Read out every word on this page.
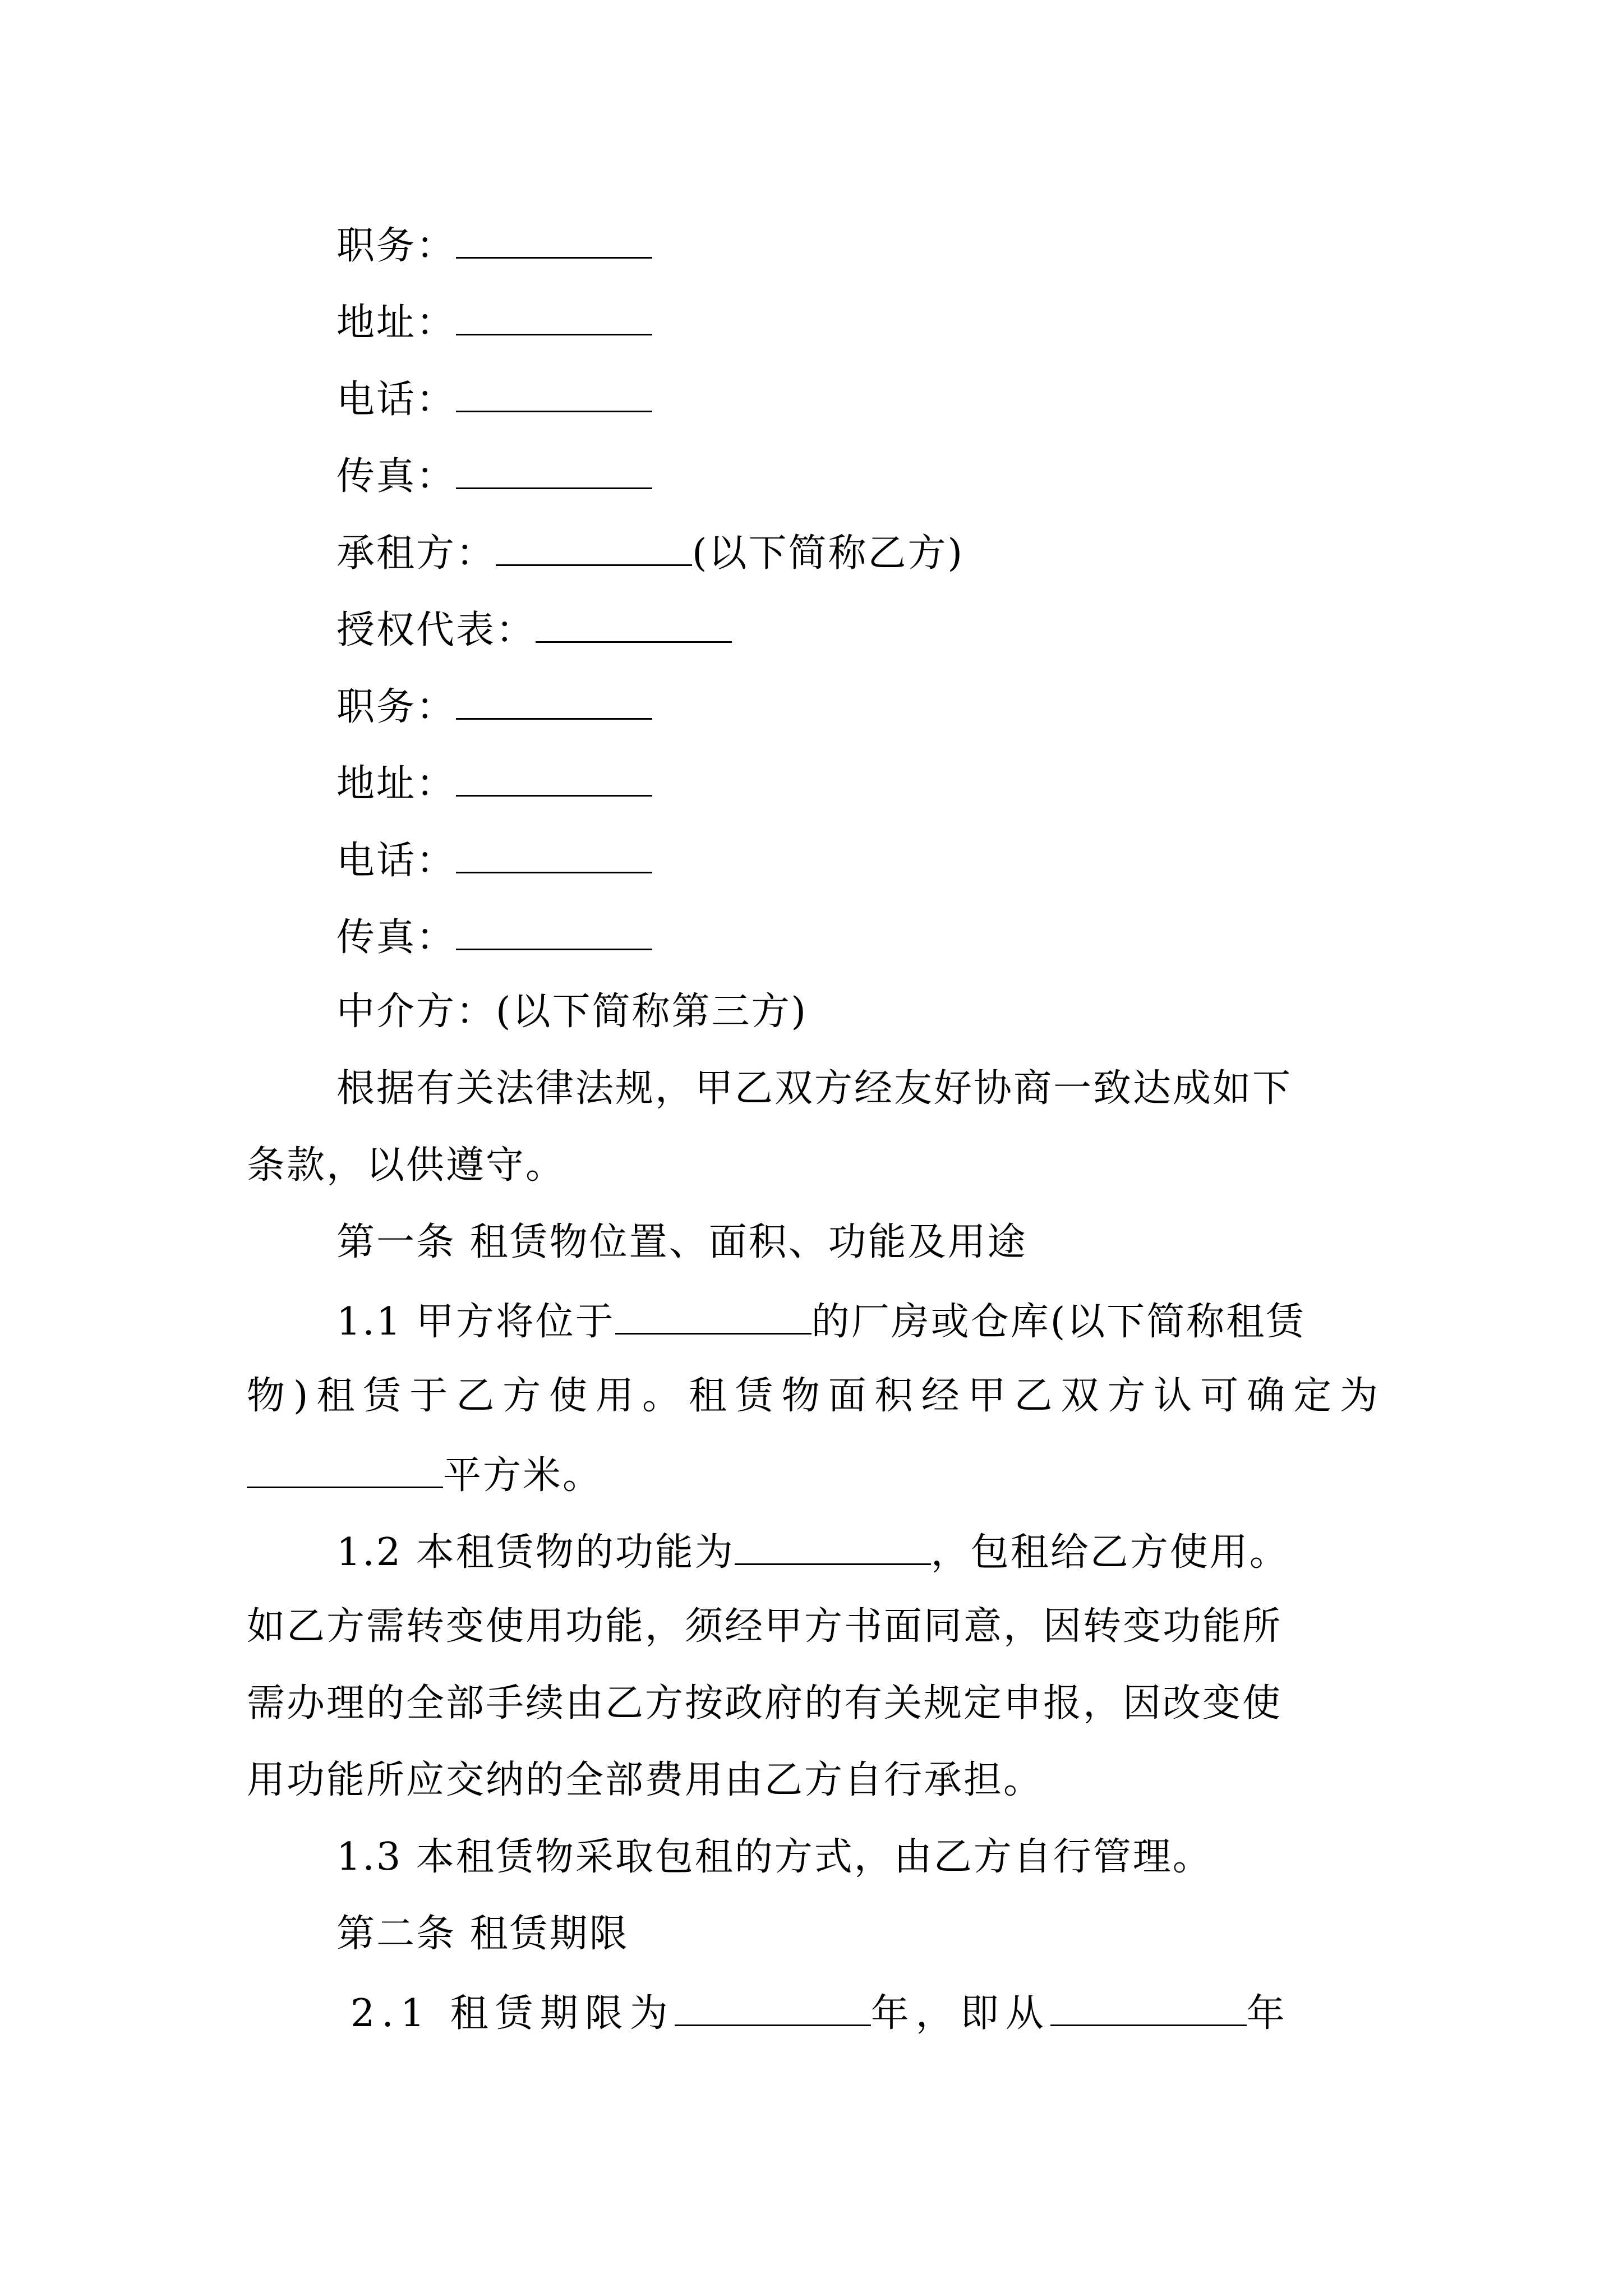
职务：
地址：
电话：
传真：
承租方：	(以下简称乙方)
授权代表：
职务：
地址：
电话：
传真：
中介方：(以下简称第三方)
根据有关法律法规，甲乙双方经友好协商一致达成如下
条款，以供遵守。
第一条 租赁物位置、面积、功能及用途
1.1 甲方将位于	的厂房或仓库(以下简称租赁
物)租赁于乙方使用。租赁物面积经甲乙双方认可确定为
平方米。
1.2 本租赁物的功能为	，包租给乙方使用。
如乙方需转变使用功能，须经甲方书面同意，因转变功能所
需办理的全部手续由乙方按政府的有关规定申报，因改变使
用功能所应交纳的全部费用由乙方自行承担。
1.3 本租赁物采取包租的方式，由乙方自行管理。
第二条 租赁期限
2.1 租赁期限为	年，即从	年
